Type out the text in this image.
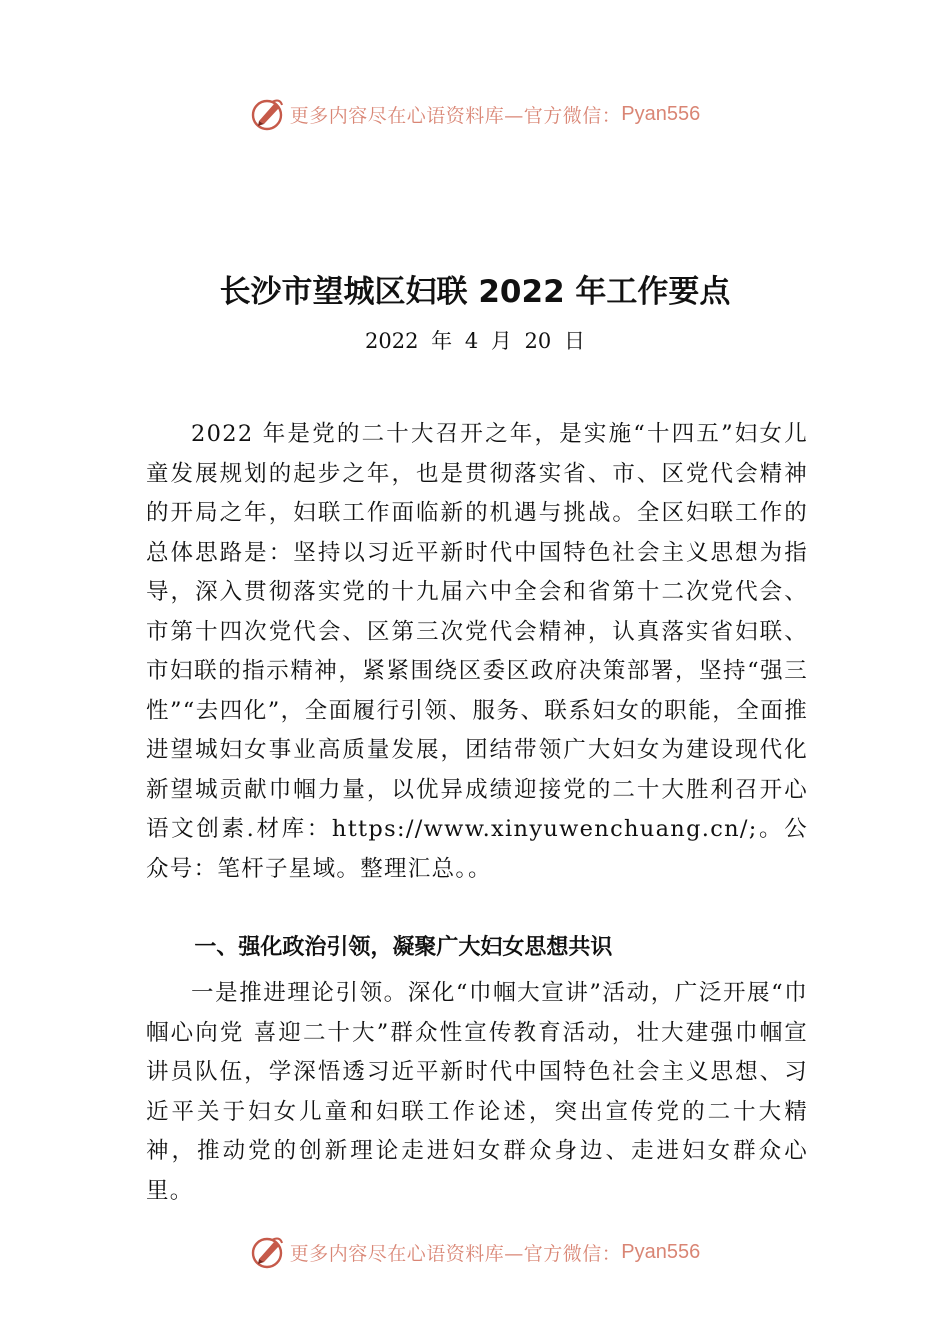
更多内容尽在心语资料库—官方微信： Pyan556
长沙市望城区妇联 2022 年工作要点

2022 年 4 月 20 日

2022 年是党的二十大召开之年，是实施“十四五”妇女儿童发展规划的起步之年，也是贯彻落实省、市、区党代会精神的开局之年，妇联工作面临新的机遇与挑战。全区妇联工作的总体思路是：坚持以习近平新时代中国特色社会主义思想为指导，深入贯彻落实党的十九届六中全会和省第十二次党代会、市第十四次党代会、区第三次党代会精神，认真落实省妇联、市妇联的指示精神，紧紧围绕区委区政府决策部署，坚持“强三性”“去四化”，全面履行引领、服务、联系妇女的职能，全面推进望城妇女事业高质量发展，团结带领广大妇女为建设现代化新望城贡献巾帼力量，以优异成绩迎接党的二十大胜利召开心语文创素.材库：https://www.xinyuwenchuang.cn/;。公众号：笔杆子星域。整理汇总。。

一、强化政治引领，凝聚广大妇女思想共识

一是推进理论引领。深化“巾帼大宣讲”活动，广泛开展“巾帼心向党 喜迎二十大”群众性宣传教育活动，壮大建强巾帼宣讲员队伍，学深悟透习近平新时代中国特色社会主义思想、习近平关于妇女儿童和妇联工作论述，突出宣传党的二十大精神，推动党的创新理论走进妇女群众身边、走进妇女群众心里。

更多内容尽在心语资料库—官方微信： Pyan556
